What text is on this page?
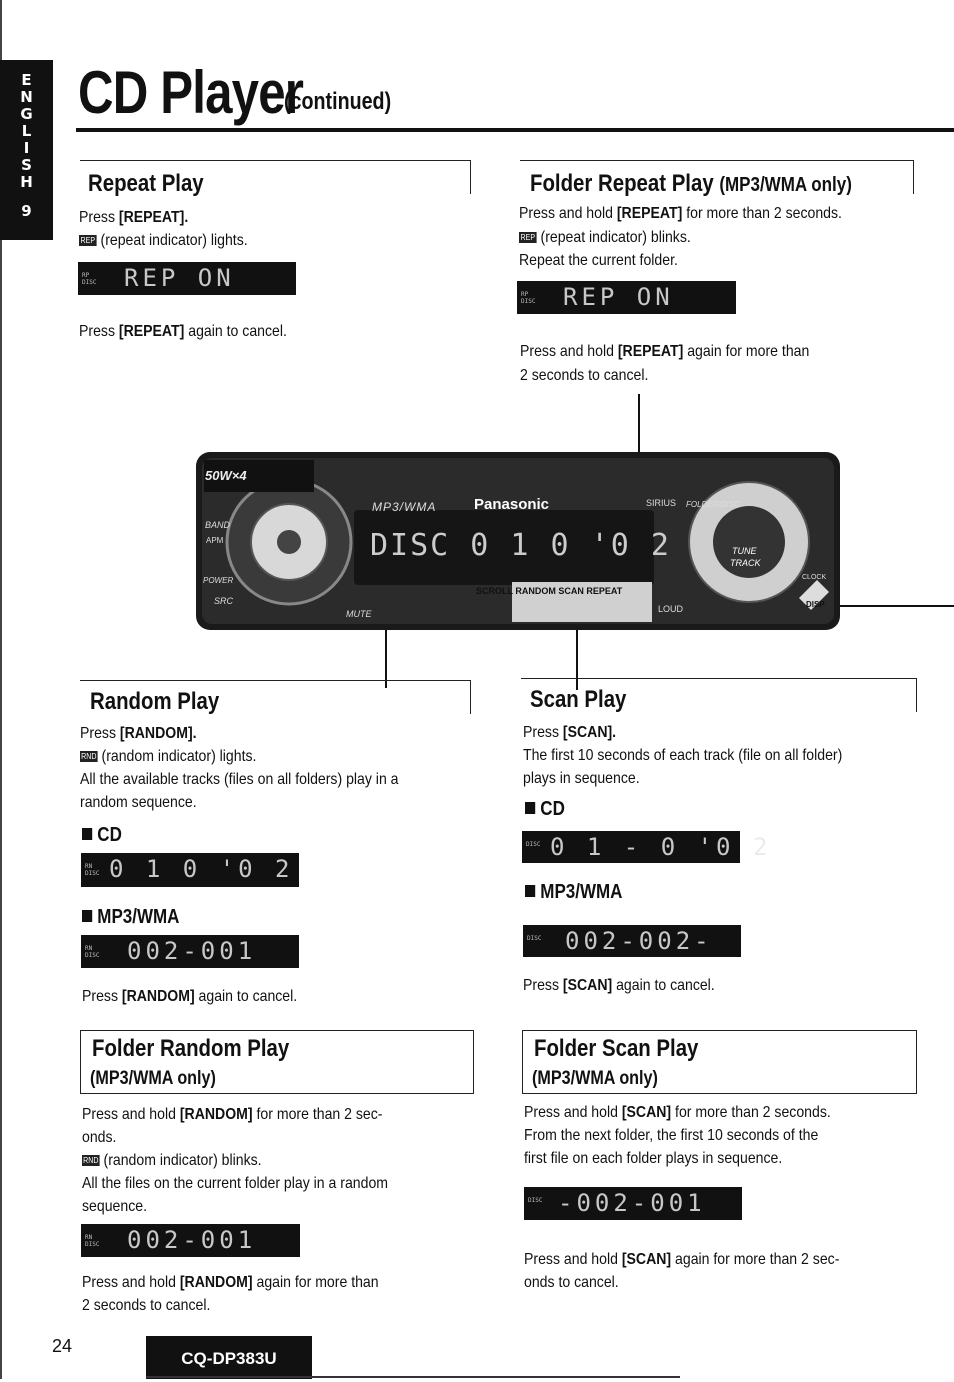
E
N
G
L
I
S
H
9
CD Player
(continued)
Repeat Play
Press [REPEAT].
REP (repeat indicator) lights.
RP
DISC REP ON
Press [REPEAT] again to cancel.
Folder Repeat Play (MP3/WMA only)
Press and hold [REPEAT] for more than 2 seconds.
REP (repeat indicator) blinks.
Repeat the current folder.
RP
DISC REP ON
Press and hold [REPEAT] again for more than
2 seconds to cancel.
50W×4
MP3/WMA	Panasonic
DISC 0 1 0 '0 2
SCROLL RANDOM SCAN REPEAT
POWER
BAND
APM
SRC
MUTE	LOUD
CLOCK
DISP
TUNE
TRACK
FOLDER/DISC
SIRIUS
Random Play
Press [RANDOM].
RND (random indicator) lights.
All the available tracks (files on all folders) play in a
random sequence.
CD
RN
DISC 0 1 0 '0 2
MP3/WMA
RN
DISC 002-001
Press [RANDOM] again to cancel.
Scan Play
Press [SCAN].
The first 10 seconds of each track (file on all folder)
plays in sequence.
CD
DISC 0 1 - 0 '0 2
MP3/WMA
DISC 002-002-
Press [SCAN] again to cancel.
Folder Random Play
(MP3/WMA only)
Press and hold [RANDOM] for more than 2 sec-
onds.
RND (random indicator) blinks.
All the files on the current folder play in a random
sequence.
RN
DISC 002-001
Press and hold [RANDOM] again for more than
2 seconds to cancel.
Folder Scan Play
(MP3/WMA only)
Press and hold [SCAN] for more than 2 seconds.
From the next folder, the first 10 seconds of the
first file on each folder plays in sequence.
DISC -002-001
Press and hold [SCAN] again for more than 2 sec-
onds to cancel.
24
CQ-DP383U
